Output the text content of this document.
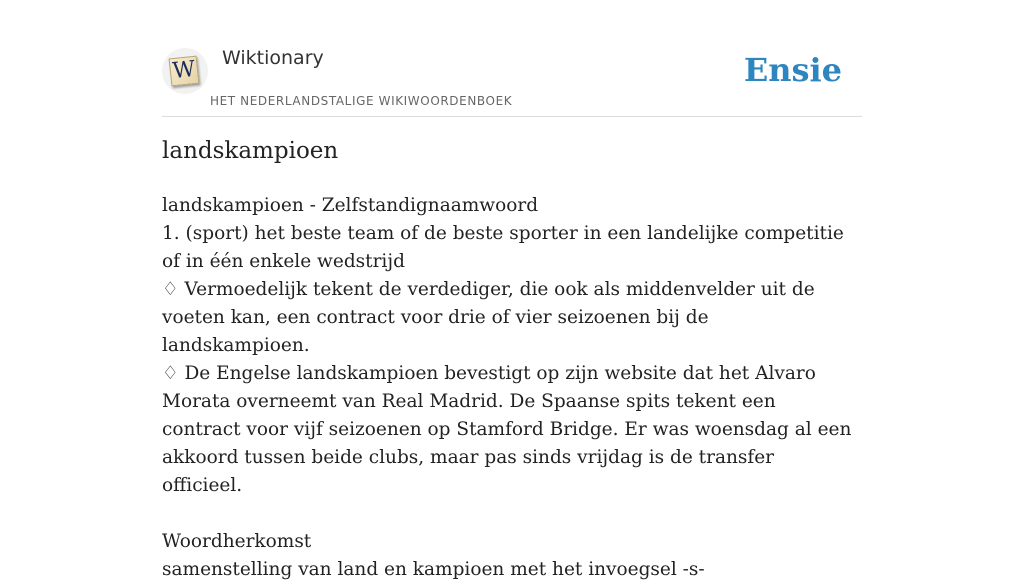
W Wiktionary
HET NEDERLANDSTALIGE WIKIWOORDENBOEK
Ensie
landskampioen

landskampioen - Zelfstandignaamwoord

1. (sport) het beste team of de beste sporter in een landelijke competitie of in één enkele wedstrijd

♢ Vermoedelijk tekent de verdediger, die ook als middenvelder uit de voeten kan, een contract voor drie of vier seizoenen bij de landskampioen.

♢ De Engelse landskampioen bevestigt op zijn website dat het Alvaro Morata overneemt van Real Madrid. De Spaanse spits tekent een contract voor vijf seizoenen op Stamford Bridge. Er was woensdag al een akkoord tussen beide clubs, maar pas sinds vrijdag is de transfer officieel.

Woordherkomst

samenstelling van land en kampioen met het invoegsel -s-
